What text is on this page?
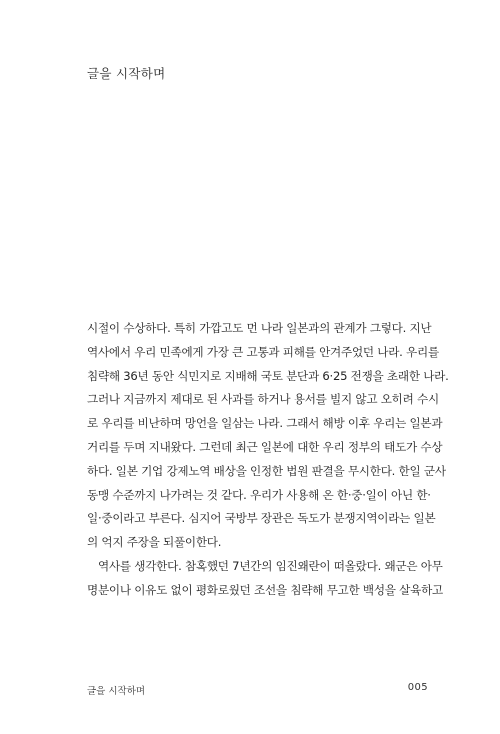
글을 시작하며

시절이 수상하다. 특히 가깝고도 먼 나라 일본과의 관계가 그렇다. 지난
역사에서 우리 민족에게 가장 큰 고통과 피해를 안겨주었던 나라. 우리를
침략해 36년 동안 식민지로 지배해 국토 분단과 6·25 전쟁을 초래한 나라.
그러나 지금까지 제대로 된 사과를 하거나 용서를 빌지 않고 오히려 수시
로 우리를 비난하며 망언을 일삼는 나라. 그래서 해방 이후 우리는 일본과
거리를 두며 지내왔다. 그런데 최근 일본에 대한 우리 정부의 태도가 수상
하다. 일본 기업 강제노역 배상을 인정한 법원 판결을 무시한다. 한일 군사
동맹 수준까지 나가려는 것 같다. 우리가 사용해 온 한·중·일이 아닌 한·
일·중이라고 부른다. 심지어 국방부 장관은 독도가 분쟁지역이라는 일본
의 억지 주장을 되풀이한다.

역사를 생각한다. 참혹했던 7년간의 임진왜란이 떠올랐다. 왜군은 아무
명분이나 이유도 없이 평화로웠던 조선을 침략해 무고한 백성을 살육하고

글을 시작하며	005
